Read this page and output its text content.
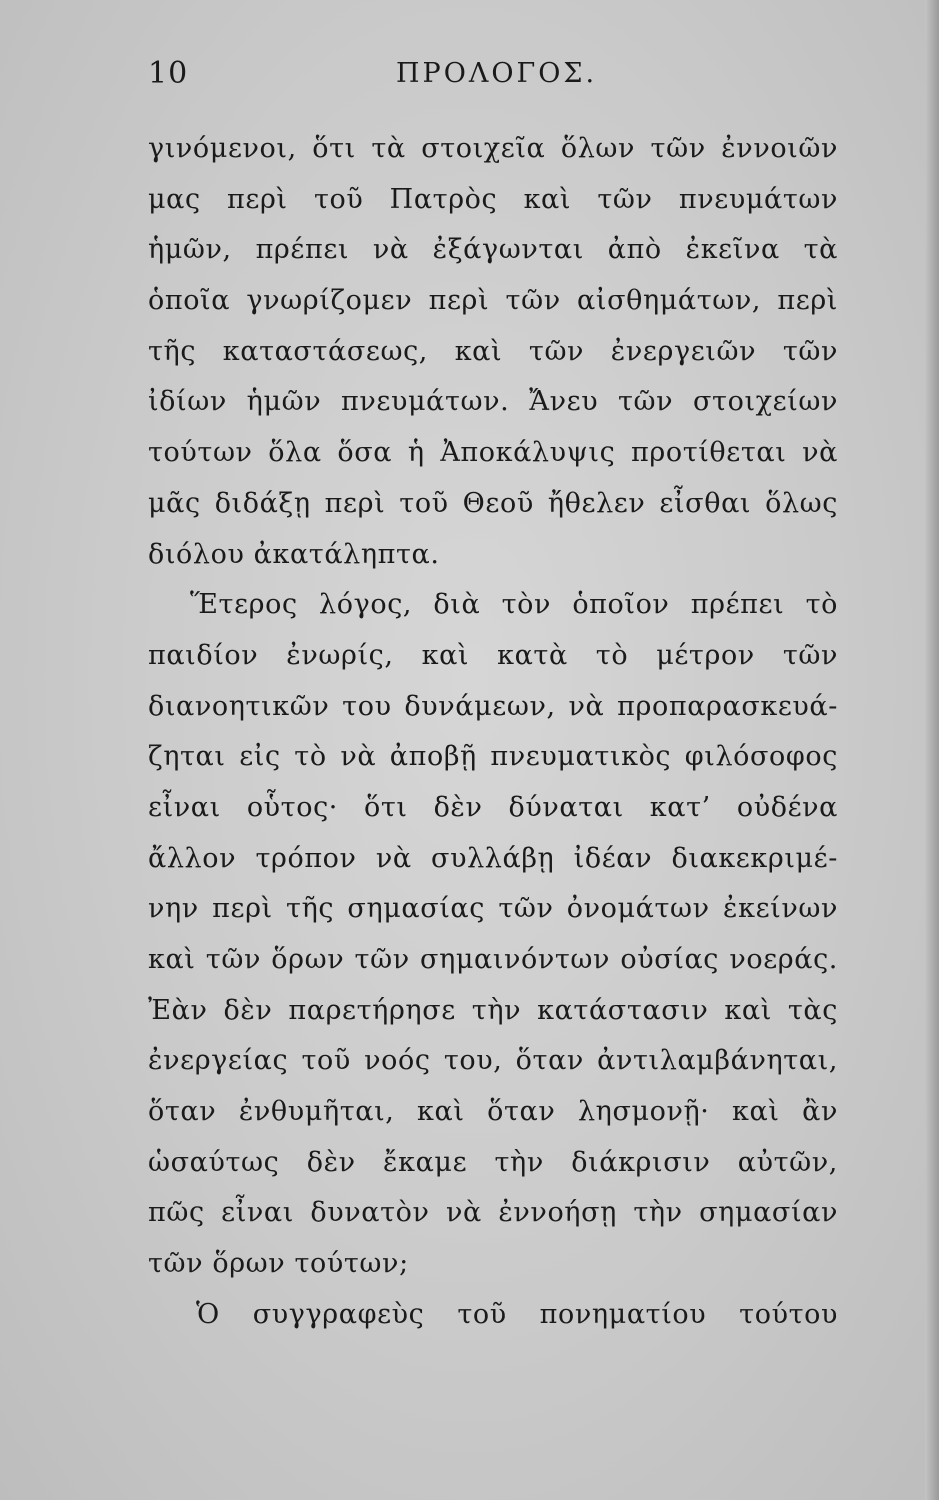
10	ΠΡΟΛΟΓΟΣ.
γινόμενοι, ὅτι τὰ στοιχεῖα ὅλων τῶν ἐννοιῶν
μας περὶ τοῦ Πατρὸς καὶ τῶν πνευμάτων
ἡμῶν, πρέπει νὰ ἐξάγωνται ἀπὸ ἐκεῖνα τὰ
ὁποῖα γνωρίζομεν περὶ τῶν αἰσθημάτων, περὶ
τῆς καταστάσεως, καὶ τῶν ἐνεργειῶν τῶν
ἰδίων ἡμῶν πνευμάτων. Ἄνευ τῶν στοιχείων
τούτων ὅλα ὅσα ἡ Ἀποκάλυψις προτίθεται νὰ
μᾶς διδάξῃ περὶ τοῦ Θεοῦ ἤθελεν εἶσθαι ὅλως
διόλου ἀκατάληπτα.
Ἕτερος λόγος, διὰ τὸν ὁποῖον πρέπει τὸ
παιδίον ἐνωρίς, καὶ κατὰ τὸ μέτρον τῶν
διανοητικῶν του δυνάμεων, νὰ προπαρασκευά-
ζηται εἰς τὸ νὰ ἀποβῇ πνευματικὸς φιλόσοφος
εἶναι οὗτος· ὅτι δὲν δύναται κατ’ οὐδένα
ἄλλον τρόπον νὰ συλλάβῃ ἰδέαν διακεκριμέ-
νην περὶ τῆς σημασίας τῶν ὀνομάτων ἐκείνων
καὶ τῶν ὅρων τῶν σημαινόντων οὐσίας νοεράς.
Ἐὰν δὲν παρετήρησε τὴν κατάστασιν καὶ τὰς
ἐνεργείας τοῦ νοός του, ὅταν ἀντιλαμβάνηται,
ὅταν ἐνθυμῆται, καὶ ὅταν λησμονῇ· καὶ ἂν
ὡσαύτως δὲν ἔκαμε τὴν διάκρισιν αὐτῶν,
πῶς εἶναι δυνατὸν νὰ ἐννοήσῃ τὴν σημασίαν
τῶν ὅρων τούτων;
Ὁ συγγραφεὺς τοῦ πονηματίου τούτου
